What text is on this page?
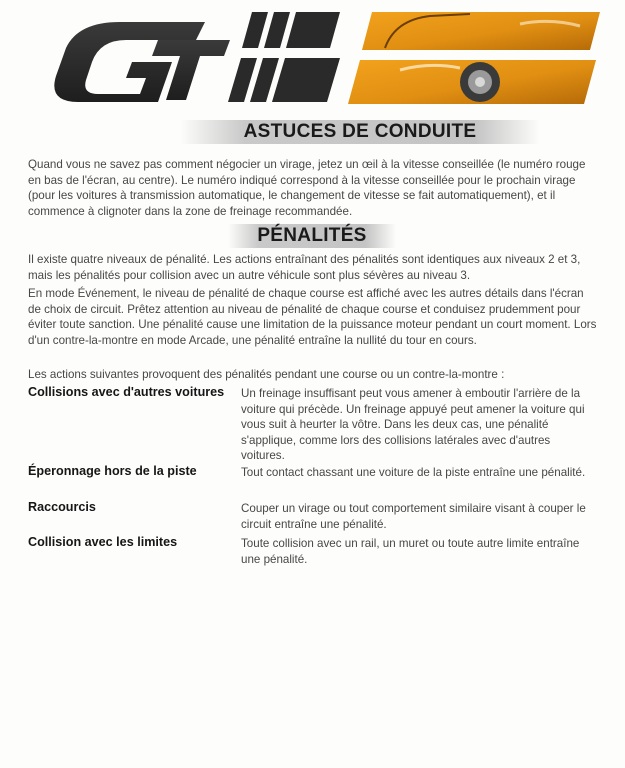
ASTUCES DE CONDUITE

Quand vous ne savez pas comment négocier un virage, jetez un œil à la vitesse conseillée (le numéro rouge en bas de l'écran, au centre). Le numéro indiqué correspond à la vitesse conseillée pour le prochain virage (pour les voitures à transmission automatique, le changement de vitesse se fait automatiquement), et il commence à clignoter dans la zone de freinage recommandée.

PÉNALITÉS

Il existe quatre niveaux de pénalité. Les actions entraînant des pénalités sont identiques aux niveaux 2 et 3, mais les pénalités pour collision avec un autre véhicule sont plus sévères au niveau 3.

En mode Événement, le niveau de pénalité de chaque course est affiché avec les autres détails dans l'écran de choix de circuit. Prêtez attention au niveau de pénalité de chaque course et conduisez prudemment pour éviter toute sanction. Une pénalité cause une limitation de la puissance moteur pendant un court moment. Lors d'un contre-la-montre en mode Arcade, une pénalité entraîne la nullité du tour en cours.

Les actions suivantes provoquent des pénalités pendant une course ou un contre-la-montre :

Collisions avec d'autres voitures	Un freinage insuffisant peut vous amener à emboutir l'arrière de la voiture qui précède. Un freinage appuyé peut amener la voiture qui vous suit à heurter la vôtre. Dans les deux cas, une pénalité s'applique, comme lors des collisions latérales avec d'autres voitures.
Éperonnage hors de la piste	Tout contact chassant une voiture de la piste entraîne une pénalité.
Raccourcis	Couper un virage ou tout comportement similaire visant à couper le circuit entraîne une pénalité.
Collision avec les limites	Toute collision avec un rail, un muret ou toute autre limite entraîne une pénalité.
